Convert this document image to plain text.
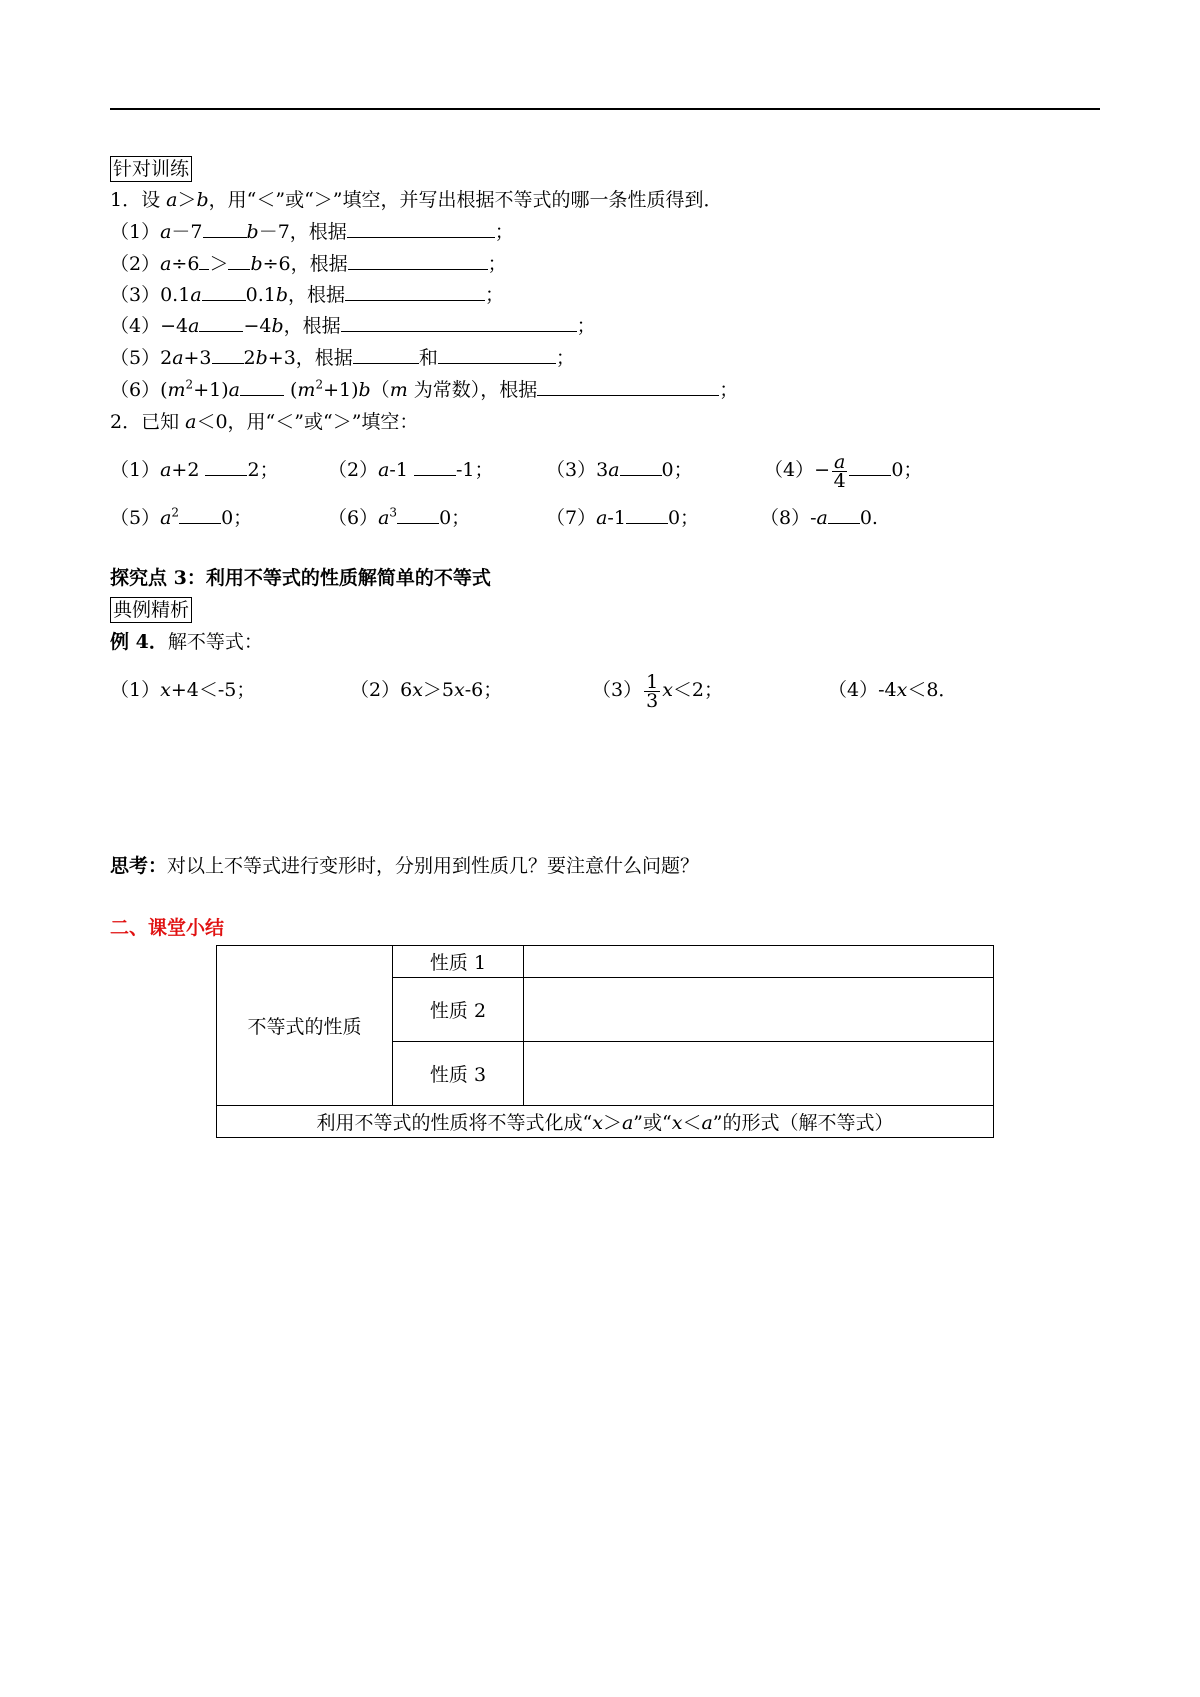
针对训练
1．设 a＞b，用“＜”或“＞”填空，并写出根据不等式的哪一条性质得到．
（1）a－7 b－7，根据	；
（2）a÷6 ＞ b÷6，根据	；
（3）0.1a 0.1b，根据	；
（4）−4a −4b，根据	；
（5）2a+3 2b+3，根据	和	；
$(6)(m^2+1)a$	$(m^2+1)b(m$ 为常数），根据	；
2．已知 a＜0，用“＜”或“＞”填空：
（1）a+2	2；	（2）a-1	-1；	（3）3a 0；	$(4)- \frac{a}{4} 0$；
$(5)a^2$ 0；	$(6)a^3$ 0；	（7）a-1 0；	（8）-a 0.
探究点 3：利用不等式的性质解简单的不等式
典例精析
例 4．解不等式：
（1）x+4＜-5；	（2）6x＞5x-6；	$(3) \frac{1}{3} x<2$；	（4）-4x＜8．
思考：对以上不等式进行变形时，分别用到性质几？要注意什么问题？
二、课堂小结
不等式的性质	性质 1	
	性质 2	
	性质 3	
利用不等式的性质将不等式化成“x＞a”或“x＜a”的形式（解不等式）		
